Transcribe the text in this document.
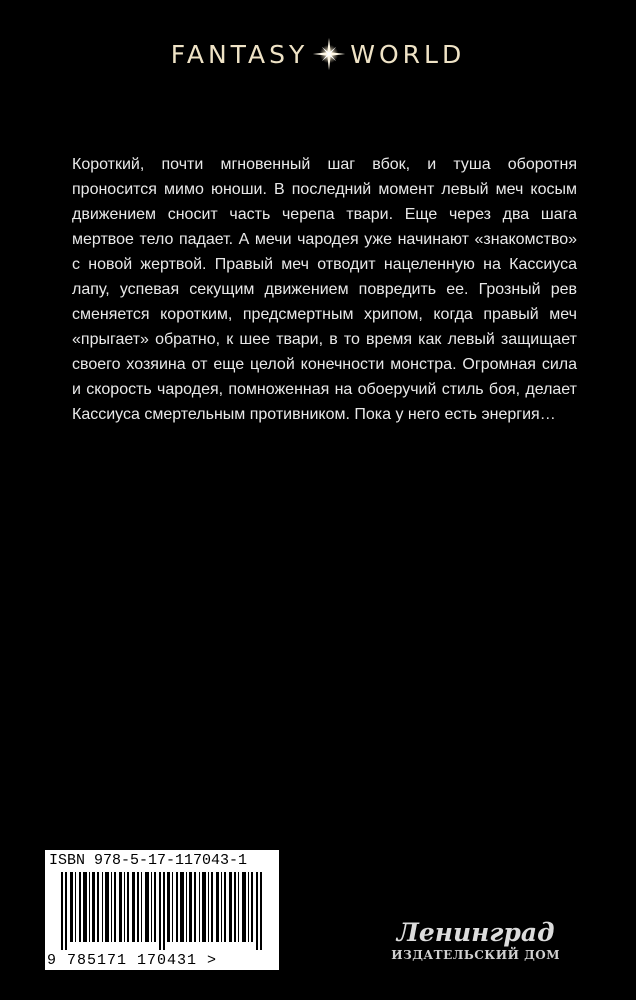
FANTASY WORLD
Короткий, почти мгновенный шаг вбок, и туша оборотня проносится мимо юноши. В последний момент левый меч косым движением сносит часть черепа твари. Еще через два шага мертвое тело падает. А мечи чародея уже начинают «знакомство» с новой жертвой. Правый меч отводит нацеленную на Кассиуса лапу, успевая секущим движением повредить ее. Грозный рев сменяется коротким, предсмертным хрипом, когда правый меч «прыгает» обратно, к шее твари, в то время как левый защищает своего хозяина от еще целой конечности монстра. Огромная сила и скорость чародея, помноженная на обоеручий стиль боя, делает Кассиуса смертельным противником. Пока у него есть энергия…
ISBN 978-5-17-117043-1
9 785171 170431 >
Ленинград
ИЗДАТЕЛЬСКИЙ ДОМ
